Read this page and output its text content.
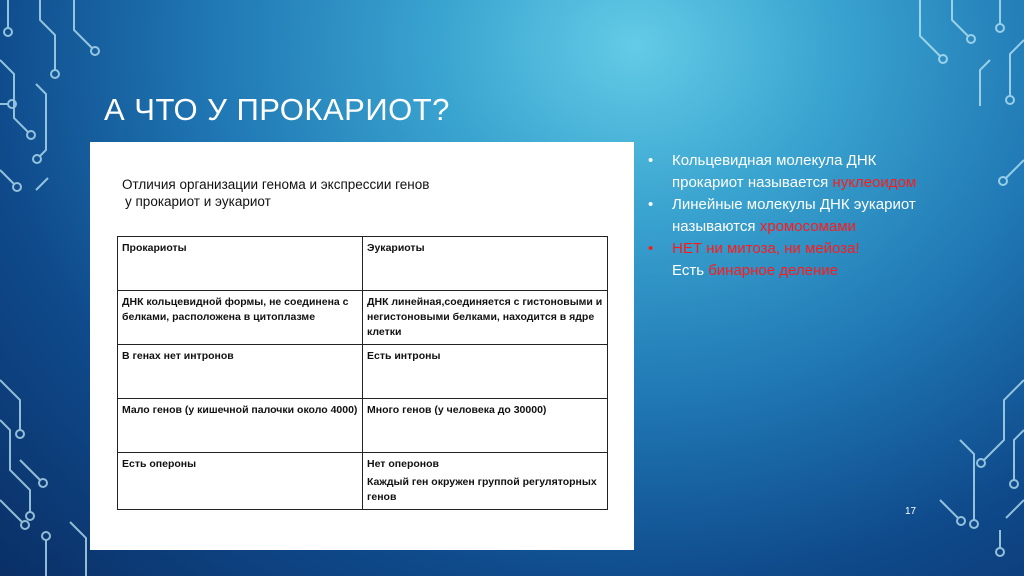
А ЧТО У ПРОКАРИОТ?
Отличия организации генома и экспрессии генов
у прокариот и эукариот
Прокариоты	Эукариоты
ДНК кольцевидной формы, не соединена с белками, расположена в цитоплазме	ДНК линейная,соединяется с гистоновыми и негистоновыми белками, находится в ядре клетки
В генах нет интронов	Есть интроны
Мало генов (у кишечной палочки около 4000)	Много генов (у человека до 30000)
Есть опероны	Нет оперонов
Каждый ген окружен группой регуляторных генов
• Кольцевидная молекула ДНК прокариот называется нуклеоидом
• Линейные молекулы ДНК эукариот называются хромосомами
• НЕТ ни митоза, ни мейоза!
Есть бинарное деление
17
